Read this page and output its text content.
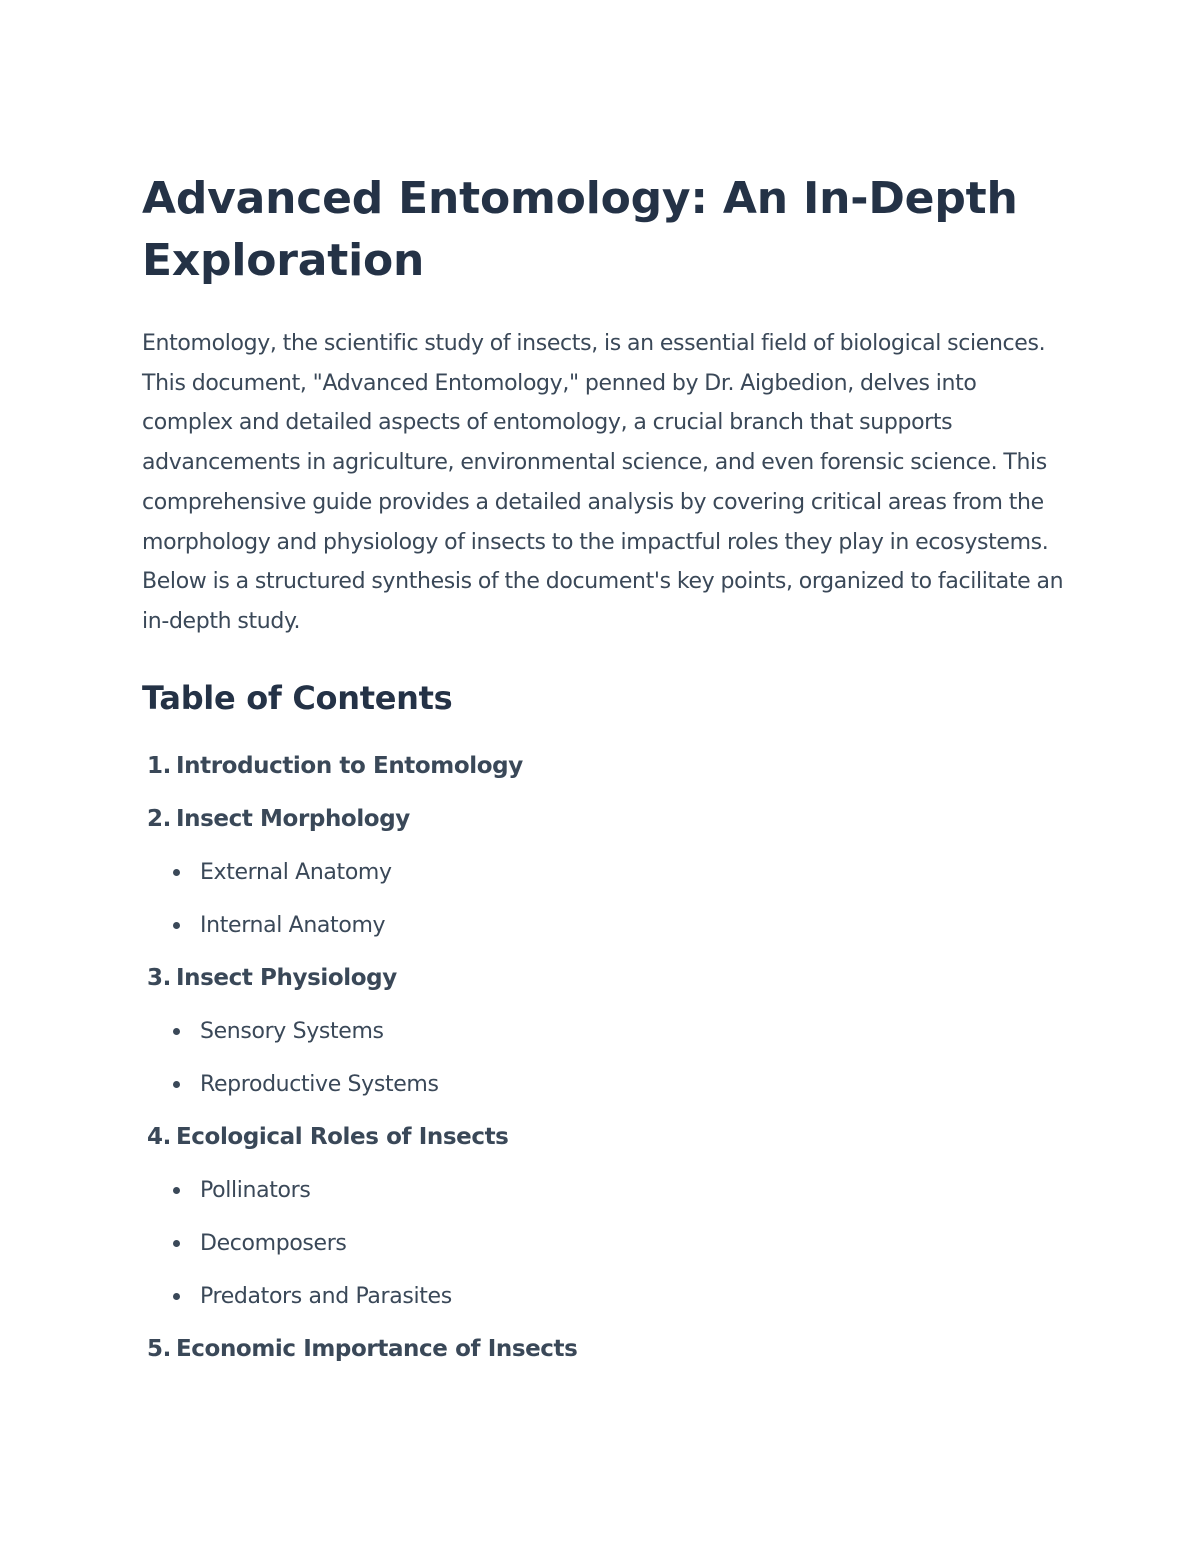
Advanced Entomology: An In-Depth Exploration

Entomology, the scientific study of insects, is an essential field of biological sciences. This document, "Advanced Entomology," penned by Dr. Aigbedion, delves into complex and detailed aspects of entomology, a crucial branch that supports advancements in agriculture, environmental science, and even forensic science. This comprehensive guide provides a detailed analysis by covering critical areas from the morphology and physiology of insects to the impactful roles they play in ecosystems. Below is a structured synthesis of the document's key points, organized to facilitate an in-depth study.

Table of Contents
1. Introduction to Entomology
2. Insect Morphology
External Anatomy
Internal Anatomy
3. Insect Physiology
Sensory Systems
Reproductive Systems
4. Ecological Roles of Insects
Pollinators
Decomposers
Predators and Parasites
5. Economic Importance of Insects
